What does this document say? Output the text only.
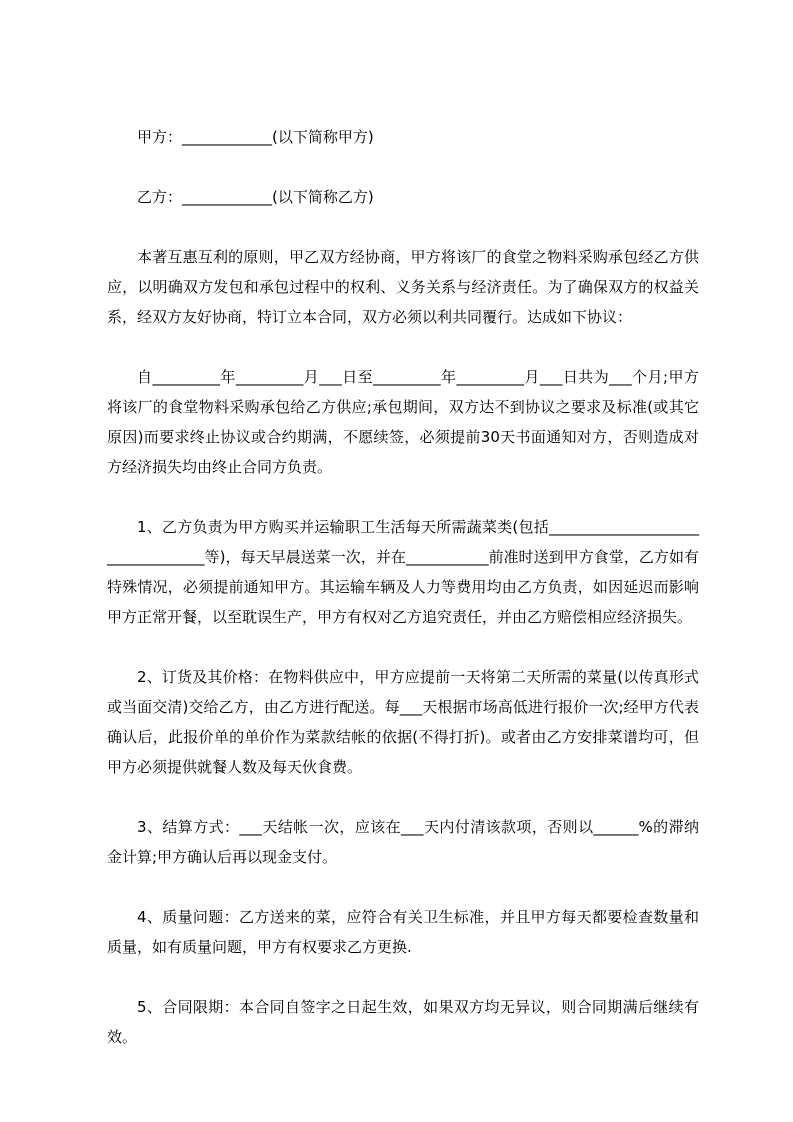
甲方：____________(以下简称甲方)

乙方：____________(以下简称乙方)

本著互惠互利的原则，甲乙双方经协商，甲方将该厂的食堂之物料采购承包经乙方供应，以明确双方发包和承包过程中的权利、义务关系与经济责任。为了确保双方的权益关系，经双方友好协商，特订立本合同，双方必须以利共同覆行。达成如下协议：

自_________年_________月___日至_________年_________月___日共为___个月;甲方将该厂的食堂物料采购承包给乙方供应;承包期间，双方达不到协议之要求及标准(或其它原因)而要求终止协议或合约期满，不愿续签，必须提前30天书面通知对方，否则造成对方经济损失均由终止合同方负责。

1、乙方负责为甲方购买并运输职工生活每天所需蔬菜类(包括_________________________________等)，每天早晨送菜一次，并在___________前准时送到甲方食堂，乙方如有特殊情况，必须提前通知甲方。其运输车辆及人力等费用均由乙方负责，如因延迟而影响甲方正常开餐，以至耽误生产，甲方有权对乙方追究责任，并由乙方赔偿相应经济损失。

2、订货及其价格：在物料供应中，甲方应提前一天将第二天所需的菜量(以传真形式或当面交清)交给乙方，由乙方进行配送。每___天根据市场高低进行报价一次;经甲方代表确认后，此报价单的单价作为菜款结帐的依据(不得打折)。或者由乙方安排菜谱均可，但甲方必须提供就餐人数及每天伙食费。

3、结算方式：___天结帐一次，应该在___天内付清该款项，否则以______%的滞纳金计算;甲方确认后再以现金支付。

4、质量问题：乙方送来的菜，应符合有关卫生标准，并且甲方每天都要检查数量和质量，如有质量问题，甲方有权要求乙方更换.

5、合同限期：本合同自签字之日起生效，如果双方均无异议，则合同期满后继续有效。
